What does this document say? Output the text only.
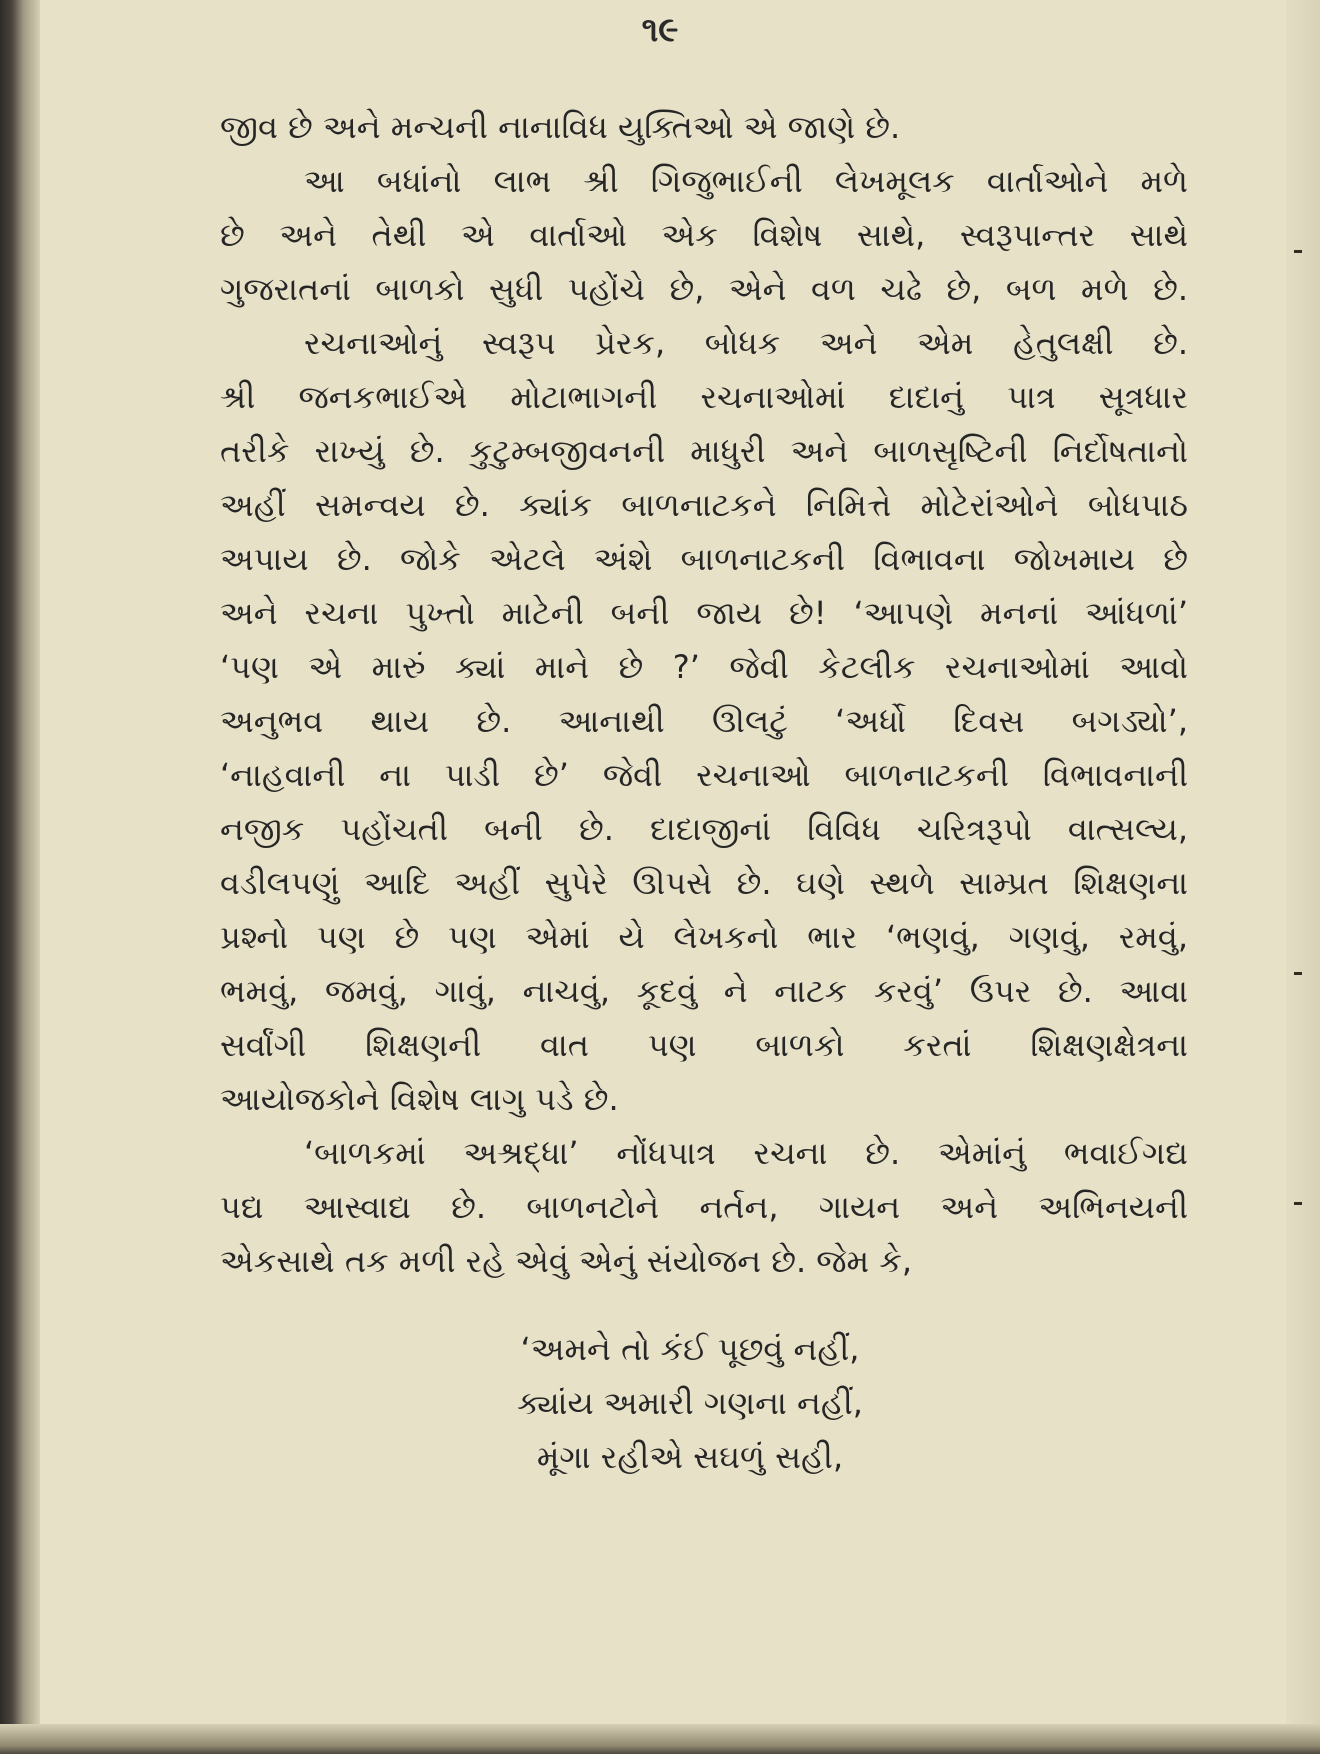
૧૯
જીવ છે અને મન્ચની નાનાવિધ યુક્તિઓ એ જાણે છે.
આ બધાંનો લાભ શ્રી ગિજુભાઈની લેખમૂલક વાર્તાઓને મળે
છે અને તેથી એ વાર્તાઓ એક વિશેષ સાથે, સ્વરૂપાન્તર સાથે
ગુજરાતનાં બાળકો સુધી પહોંચે છે, એને વળ ચઢે છે, બળ મળે છે.
રચનાઓનું સ્વરૂપ પ્રેરક, બોધક અને એમ હેતુલક્ષી છે.
શ્રી જનકભાઈએ મોટાભાગની રચનાઓમાં દાદાનું પાત્ર સૂત્રધાર
તરીકે રાખ્યું છે. કુટુમ્બજીવનની માધુરી અને બાળસૃષ્ટિની નિર્દોષતાનો
અહીં સમન્વય છે. ક્યાંક બાળનાટકને નિમિત્તે મોટેરાંઓને બોધપાઠ
અપાય છે. જોકે એટલે અંશે બાળનાટકની વિભાવના જોખમાય છે
અને રચના પુખ્તો માટેની બની જાય છે! ‘આપણે મનનાં આંધળાં’
‘પણ એ મારું ક્યાં માને છે ?’ જેવી કેટલીક રચનાઓમાં આવો
અનુભવ થાય છે. આનાથી ઊલટું ‘અર્ધો દિવસ બગડ્યો’,
‘નાહવાની ના પાડી છે’ જેવી રચનાઓ બાળનાટકની વિભાવનાની
નજીક પહોંચતી બની છે. દાદાજીનાં વિવિધ ચરિત્રરૂપો વાત્સલ્ય,
વડીલપણું આદિ અહીં સુપેરે ઊપસે છે. ઘણે સ્થળે સામ્પ્રત શિક્ષણના
પ્રશ્નો પણ છે પણ એમાં યે લેખકનો ભાર ‘ભણવું, ગણવું, રમવું,
ભમવું, જમવું, ગાવું, નાચવું, કૂદવું ને નાટક કરવું’ ઉપર છે. આવા
સર્વાંગી શિક્ષણની વાત પણ બાળકો કરતાં શિક્ષણક્ષેત્રના
આયોજકોને વિશેષ લાગુ પડે છે.
‘બાળકમાં અશ્રદ્ધા’ નોંધપાત્ર રચના છે. એમાંનું ભવાઈગદ્ય
પદ્ય આસ્વાદ્ય છે. બાળનટોને નર્તન, ગાયન અને અભિનયની
એકસાથે તક મળી રહે એવું એનું સંયોજન છે. જેમ કે,
‘અમને તો કંઈ પૂછવું નહીં,
ક્યાંય અમારી ગણના નહીં,
મૂંગા રહીએ સઘળું સહી,
